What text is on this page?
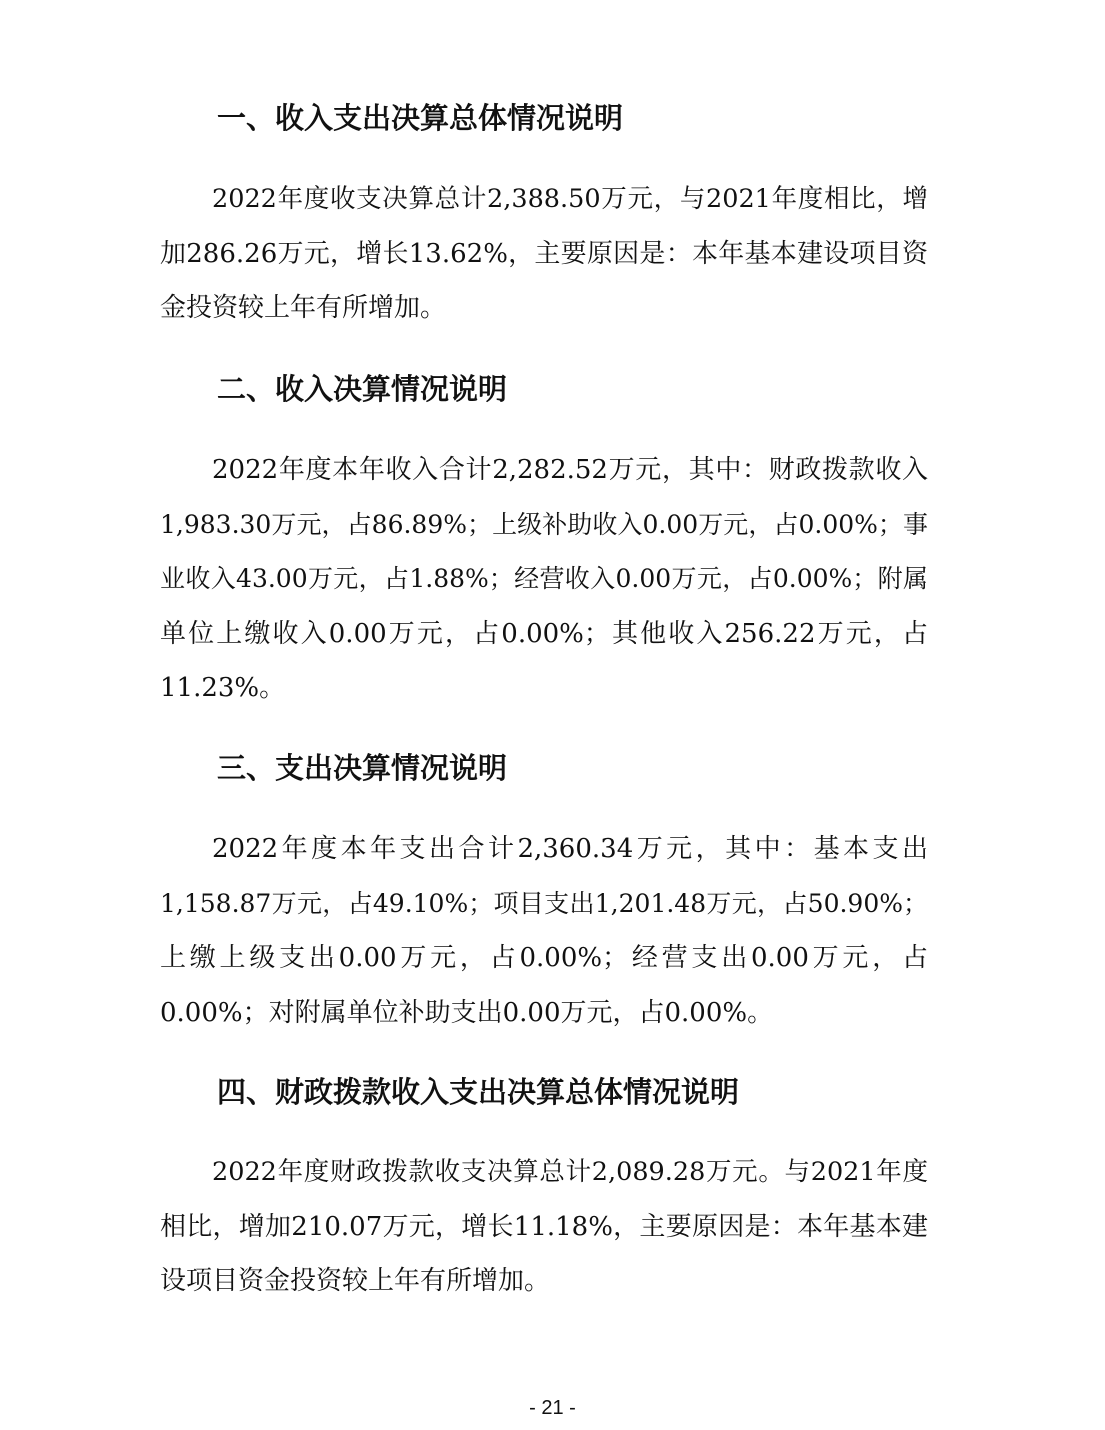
一、收入支出决算总体情况说明
2022年度收支决算总计2,388.50万元，与2021年度相比，增
加286.26万元，增长13.62%，主要原因是：本年基本建设项目资
金投资较上年有所增加。
二、收入决算情况说明
2022年度本年收入合计2,282.52万元，其中：财政拨款收入
1,983.30万元，占86.89%；上级补助收入0.00万元，占0.00%；事
业收入43.00万元，占1.88%；经营收入0.00万元，占0.00%；附属
单位上缴收入0.00万元，占0.00%；其他收入256.22万元，占
11.23%。
三、支出决算情况说明
2022年度本年支出合计2,360.34万元，其中：基本支出
1,158.87万元，占49.10%；项目支出1,201.48万元，占50.90%；
上缴上级支出0.00万元，占0.00%；经营支出0.00万元，占
0.00%；对附属单位补助支出0.00万元，占0.00%。
四、财政拨款收入支出决算总体情况说明
2022年度财政拨款收支决算总计2,089.28万元。与2021年度
相比，增加210.07万元，增长11.18%，主要原因是：本年基本建
设项目资金投资较上年有所增加。
- 21 -
